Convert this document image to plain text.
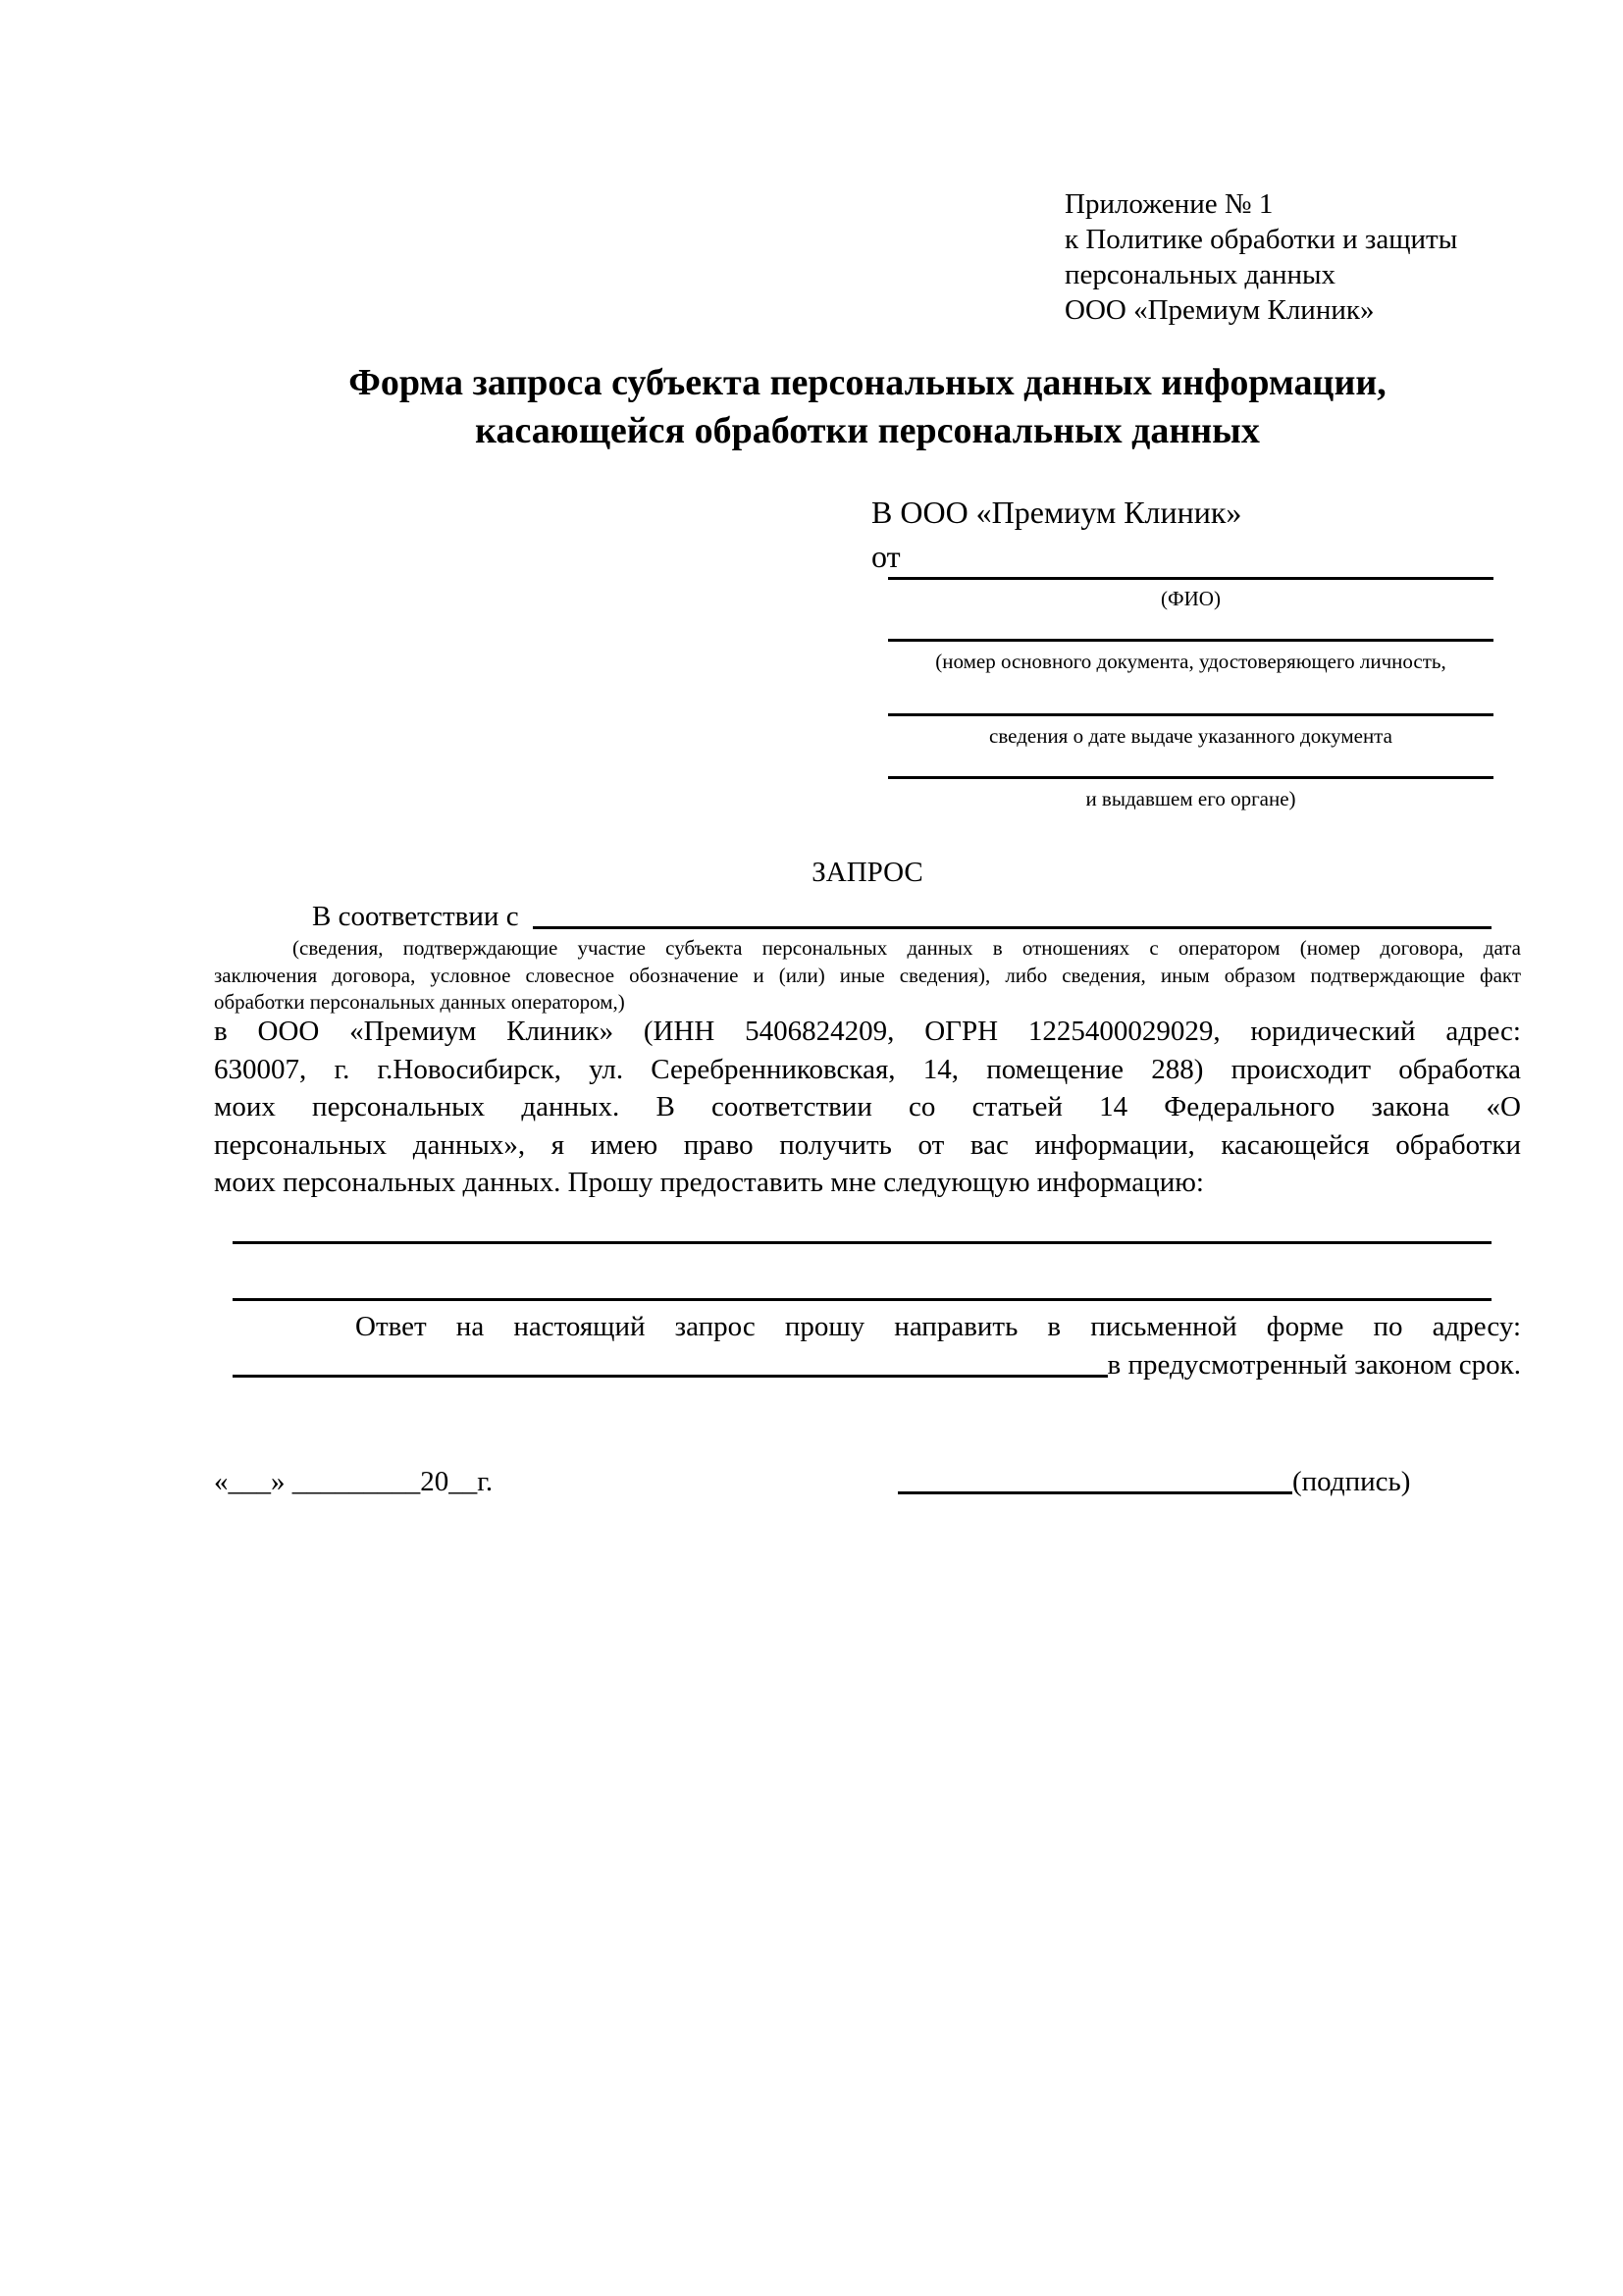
Приложение № 1
к Политике обработки и защиты
персональных данных
ООО «Премиум Клиник»
Форма запроса субъекта персональных данных информации,
касающейся обработки персональных данных
В ООО «Премиум Клиник»
от
(ФИО)
(номер основного документа, удостоверяющего личность,
сведения о дате выдаче указанного документа
и выдавшем его органе)
ЗАПРОС
В соответствии с
(сведения, подтверждающие участие субъекта персональных данных в отношениях с оператором (номер договора, дата
заключения договора, условное словесное обозначение и (или) иные сведения), либо сведения, иным образом подтверждающие факт
обработки персональных данных оператором,)
в ООО «Премиум Клиник» (ИНН 5406824209, ОГРН 1225400029029, юридический адрес:
630007, г. г.Новосибирск, ул. Серебренниковская, 14, помещение 288) происходит обработка
моих персональных данных. В соответствии со статьей 14 Федерального закона «О
персональных данных», я имею право получить от вас информации, касающейся обработки
моих персональных данных. Прошу предоставить мне следующую информацию:
Ответ на настоящий запрос прошу направить в письменной форме по адресу:
в предусмотренный законом срок.
«___» _________20__г.	(подпись)
